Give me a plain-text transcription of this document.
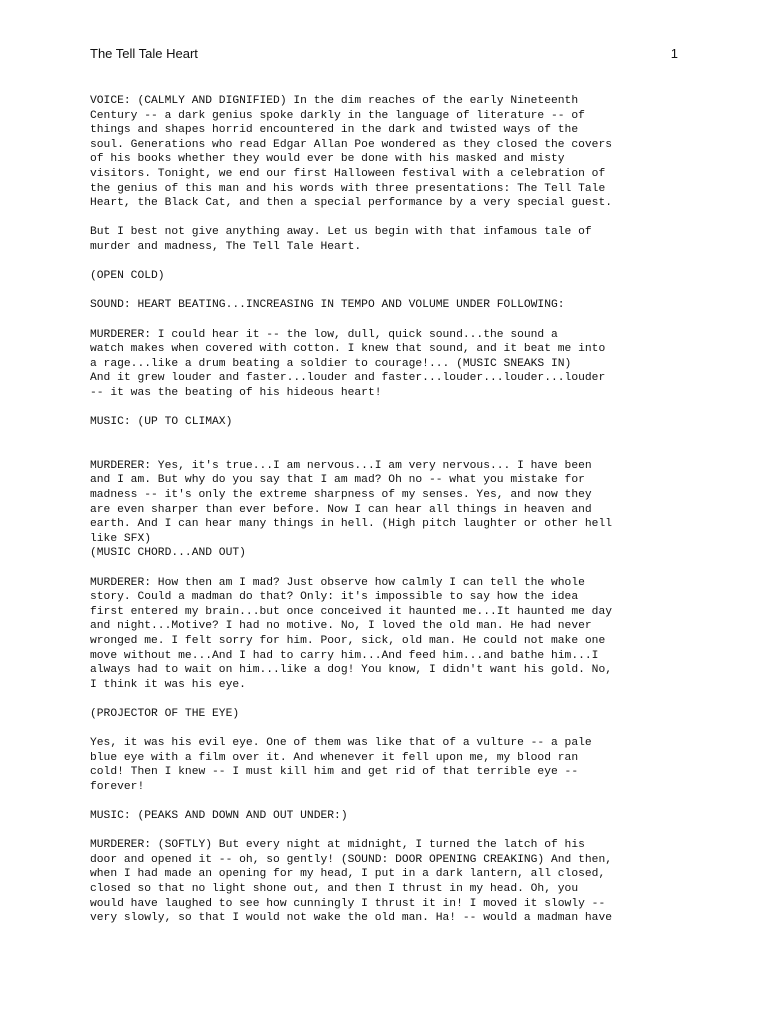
The Tell Tale Heart	1

VOICE: (CALMLY AND DIGNIFIED) In the dim reaches of the early Nineteenth
Century -- a dark genius spoke darkly in the language of literature -- of
things and shapes horrid encountered in the dark and twisted ways of the
soul. Generations who read Edgar Allan Poe wondered as they closed the covers
of his books whether they would ever be done with his masked and misty
visitors. Tonight, we end our first Halloween festival with a celebration of
the genius of this man and his words with three presentations: The Tell Tale
Heart, the Black Cat, and then a special performance by a very special guest.

But I best not give anything away. Let us begin with that infamous tale of
murder and madness, The Tell Tale Heart.

(OPEN COLD)

SOUND: HEART BEATING...INCREASING IN TEMPO AND VOLUME UNDER FOLLOWING:

MURDERER: I could hear it -- the low, dull, quick sound...the sound a
watch makes when covered with cotton. I knew that sound, and it beat me into
a rage...like a drum beating a soldier to courage!... (MUSIC SNEAKS IN)
And it grew louder and faster...louder and faster...louder...louder...louder
-- it was the beating of his hideous heart!

MUSIC: (UP TO CLIMAX)

MURDERER: Yes, it's true...I am nervous...I am very nervous... I have been
and I am. But why do you say that I am mad? Oh no -- what you mistake for
madness -- it's only the extreme sharpness of my senses. Yes, and now they
are even sharper than ever before. Now I can hear all things in heaven and
earth. And I can hear many things in hell. (High pitch laughter or other hell
like SFX)
(MUSIC CHORD...AND OUT)

MURDERER: How then am I mad? Just observe how calmly I can tell the whole
story. Could a madman do that? Only: it's impossible to say how the idea
first entered my brain...but once conceived it haunted me...It haunted me day
and night...Motive? I had no motive. No, I loved the old man. He had never
wronged me. I felt sorry for him. Poor, sick, old man. He could not make one
move without me...And I had to carry him...And feed him...and bathe him...I
always had to wait on him...like a dog! You know, I didn't want his gold. No,
I think it was his eye.

(PROJECTOR OF THE EYE)

Yes, it was his evil eye. One of them was like that of a vulture -- a pale
blue eye with a film over it. And whenever it fell upon me, my blood ran
cold! Then I knew -- I must kill him and get rid of that terrible eye --
forever!

MUSIC: (PEAKS AND DOWN AND OUT UNDER:)

MURDERER: (SOFTLY) But every night at midnight, I turned the latch of his
door and opened it -- oh, so gently! (SOUND: DOOR OPENING CREAKING) And then,
when I had made an opening for my head, I put in a dark lantern, all closed,
closed so that no light shone out, and then I thrust in my head. Oh, you
would have laughed to see how cunningly I thrust it in! I moved it slowly --
very slowly, so that I would not wake the old man. Ha! -- would a madman have
